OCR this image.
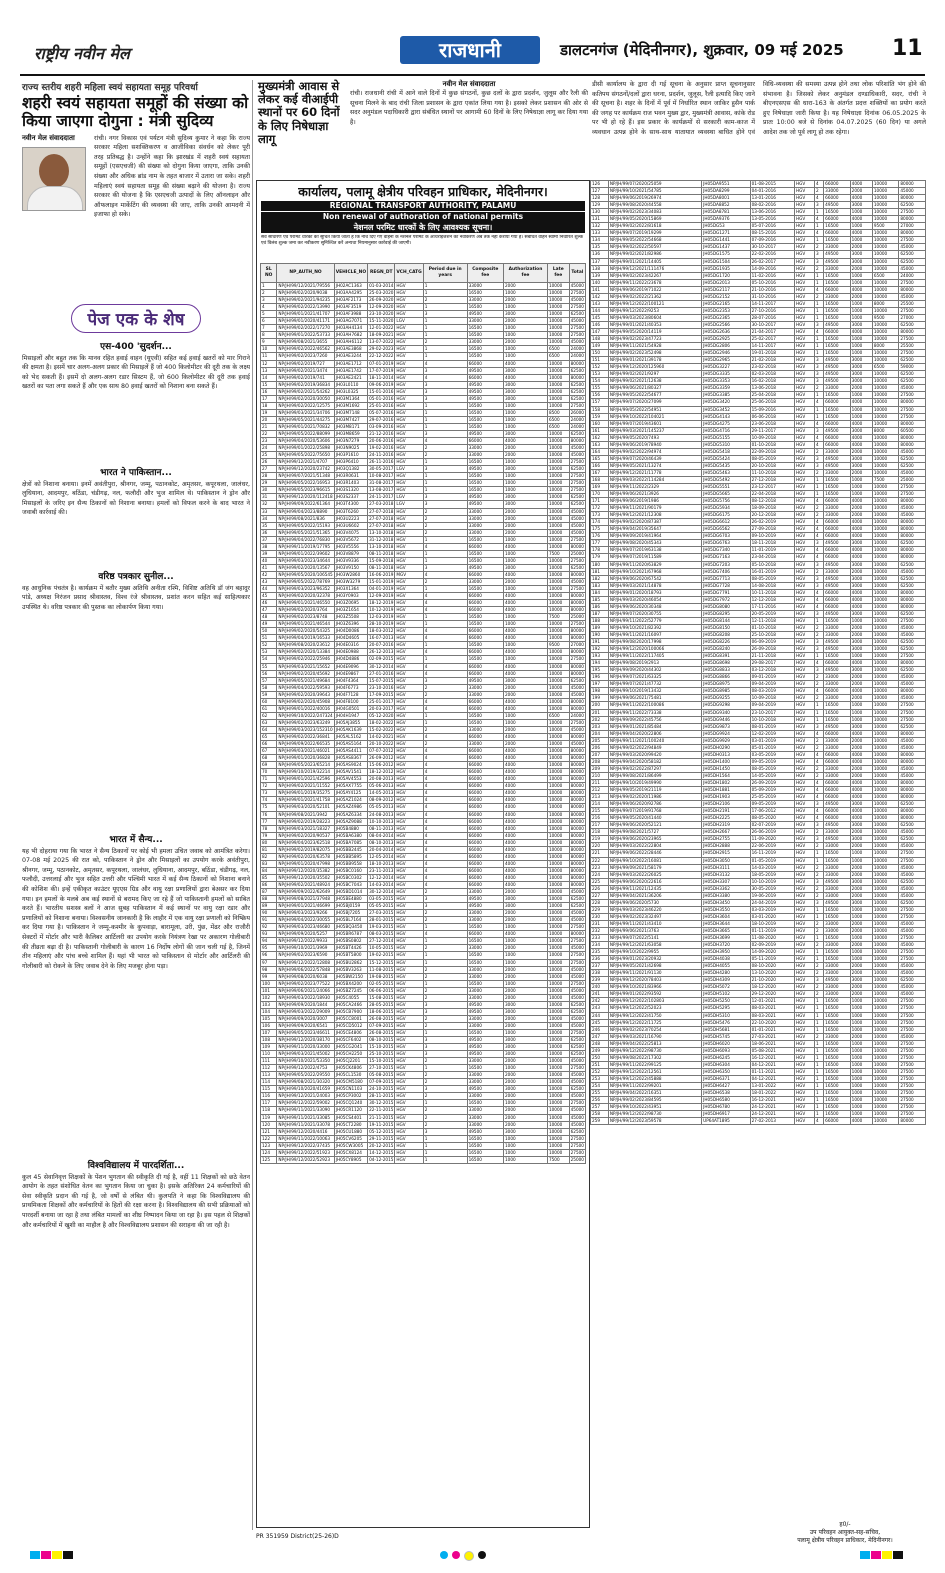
राष्ट्रीय नवीन मेल	राजधानी	डालटनगंज (मेदिनीनगर), शुक्रवार, 09 मई 2025 11
राज्य स्तरीय शहरी महिला स्वयं सहायता समूह परिवर्धा
शहरी स्वयं सहायता समूहों की संख्या को किया जाएगा दोगुना : मंत्री सुदिव्य
नवीन मेल संवाददाता	रांची। नगर विकास एवं पर्यटन मंत्री सुदिव्य कुमार ने कहा कि राज्य सरकार महिला सशक्तिकरण व आजीविका संवर्धन को लेकर पूरी तरह प्रतिबद्ध है। उन्होंने कहा कि झारखंड में शहरी स्वयं सहायता समूहों (एसएचजी) की संख्या को दोगुना किया जाएगा, ताकि उनकी संख्या और अधिक ब्रांड नाम के तहत बाजार में उतारा जा सके। शहरी महिलाएं स्वयं सहायता समूह की संख्या बढ़ाने की योजना है। राज्य सरकार की योजना है कि एसएचजी उत्पादों के लिए ऑनलाइन और ऑफलाइन मार्केटिंग की व्यवस्था की जाए, ताकि उनकी आमदनी में इजाफा हो सके।
पेज एक के शेष
एस-400 'सुदर्शन...
मिसाइलों और बहुत तक कि मानव रहित हवाई वाहन (यूएवी) सहित कई हवाई खतरों को मार गिराने की क्षमता है। इसमें चार अलग-अलग प्रकार की मिसाइलें हैं जो 400 किलोमीटर की दूरी तक के लक्ष्य को भेद सकती हैं। इसमें दो अलग-अलग रडार सिस्टम हैं, जो 600 किलोमीटर की दूरी तक हवाई खतरों का पता लगा सकते हैं और एक साथ 80 हवाई खतरों को निशाना बना सकते हैं।
भारत ने पाकिस्तान...
क्षेत्रों को निशाना बनाया। इनमें अवंतीपुरा, श्रीनगर, जम्मू, पठानकोट, अमृतसर, कपूरथला, जालंधर, लुधियाना, आदमपुर, बठिंडा, चंडीगढ़, नल, फलौदी और भुज शामिल थे। पाकिस्तान ने ड्रोन और मिसाइलों के जरिए इन सैन्य ठिकानों को निशाना बनाया। हमलों को विफल करने के बाद भारत ने जवाबी कार्रवाई की।
वरिष्ठ पत्रकार सुनील...
वह आधुनिक पंचतंत्र है। कार्यक्रम में बतौर मुख्य अतिथि अनीता रश्मि, विशिष्ट अतिथि डॉ जंग बहादुर पांडे, अध्यक्ष निरंजन प्रसाद श्रीवास्तव, विश्व रंजे श्रीवास्तव, प्रशांत करन सहित कई साहित्यकार उपस्थित थे। वरिष्ठ पत्रकार की पुस्तक का लोकार्पण किया गया।
भारत में सैन्य...
यह भी दोहराया गया कि भारत ने सैन्य ठिकानों पर कोई भी हमला उचित जवाब को आमंत्रित करेगा। 07-08 मई 2025 की रात को, पाकिस्तान ने ड्रोन और मिसाइलों का उपयोग करके अवंतीपुरा, श्रीनगर, जम्मू, पठानकोट, अमृतसर, कपूरथला, जालंधर, लुधियाना, आदमपुर, बठिंडा, चंडीगढ़, नल, फलौदी, उत्तरलाई और भुज सहित उत्तरी और पश्चिमी भारत में कई सैन्य ठिकानों को निशाना बनाने की कोशिश की। इन्हें एकीकृत काउंटर यूएएस ग्रिड और वायु रक्षा प्रणालियों द्वारा बेअसर कर दिया गया। इन हमलों के मलबे अब कई स्थानों से बरामद किए जा रहे हैं जो पाकिस्तानी हमलों को साबित करते हैं। भारतीय सशस्त्र बलों ने आज सुबह पाकिस्तान में कई स्थानों पर वायु रक्षा रडार और प्रणालियों को निशाना बनाया। विश्वसनीय जानकारी है कि लाहौर में एक वायु रक्षा प्रणाली को निष्क्रिय कर दिया गया है। पाकिस्तान ने जम्मू-कश्मीर के कुपवाड़ा, बारामूला, उरी, पुंछ, मेंढर और राजौरी सेक्टरों में मोर्टार और भारी कैलिबर आर्टिलरी का उपयोग करके नियंत्रण रेखा पर अकारण गोलीबारी की तीव्रता बढ़ा दी है। पाकिस्तानी गोलीबारी के कारण 16 निर्दोष लोगों की जान चली गई है, जिनमें तीन महिलाएं और पांच बच्चे शामिल हैं। यहां भी भारत को पाकिस्तान से मोर्टार और आर्टिलरी की गोलीबारी को रोकने के लिए जवाब देने के लिए मजबूर होना पड़ा।
विश्वविद्यालय में पारदर्शिता...
कुल 45 सेवानिवृत्त शिक्षकों के पेंशन भुगतान की स्वीकृति दी गई है, वहीं 11 शिक्षकों को छठे वेतन आयोग के तहत संशोधित वेतन का भुगतान किया जा चुका है। इसके अतिरिक्त 24 कर्मचारियों की सेवा स्वीकृति प्रदान की गई है, जो वर्षों से लंबित थी। कुलपति ने कहा कि विश्वविद्यालय की प्राथमिकता शिक्षकों और कर्मचारियों के हितों की रक्षा करना है। विश्वविद्यालय की सभी प्रक्रियाओं को पारदर्शी बनाया जा रहा है तथा लंबित मामलों का शीघ्र निष्पादन किया जा रहा है। इस पहल से शिक्षकों और कर्मचारियों में खुशी का माहौल है और विश्वविद्यालय प्रशासन की सराहना की जा रही है।
मुख्यमंत्री आवास से लेकर कई वीआईपी स्थानों पर 60 दिनों के लिए निषेधाज्ञा लागू
नवीन मेल संवाददाता
रांची। राजधानी रांची में आने वाले दिनों में कुछ संगठनों, कुछ दलों के द्वारा प्रदर्शन, जुलूस और रैली की सूचना मिलने के बाद रांची जिला प्रशासन के द्वारा एकांत लिया गया है। इसको लेकर प्रशासन की ओर से सदर अनुमंडल पदाधिकारी द्वारा संबंधित स्थानों पर आगामी 60 दिनों के लिए निषेधाज्ञा लागू कर दिया गया है।
डीसी कार्यालय के द्वारा दी गई सूचना के अनुसार प्राप्त सूचनानुसार कतिपय संगठनों/दलों द्वारा धरना, प्रदर्शन, जुलूस, रैली इत्यादि किए जाने की सूचना है। शहर के दिनों में पूर्व में निर्धारित स्थान जाकिर हुसैन पार्क की जगह पर कार्यक्रम राज भवन मुख्य द्वार, मुख्यमंत्री आवास, कांके रोड पर भी हो रहे हैं। इस प्रकार के कार्यक्रमों से सरकारी काम-काज में व्यवधान उत्पन्न होने के साथ-साथ यातायात व्यवस्था बाधित होने एवं विधि-व्यवस्था की समस्या उत्पन्न होने तथा लोक परिशांति भंग होने की संभावना है। जिसको लेकर अनुमंडल दण्डाधिकारी, सदर, रांची ने बीएनएसएस की धारा-163 के अंतर्गत प्रदत्त शक्तियों का प्रयोग करते हुए निषेधाज्ञा जारी किया है। यह निषेधाज्ञा दिनांक 06.05.2025 के प्रातः 10:00 बजे से दिनांक 04.07.2025 (60 दिन) या अगले आदेश तक जो पूर्व लागू हो तक रहेगा।
कार्यालय, पलामू क्षेत्रीय परिवहन प्राधिकार, मेदिनीनगर।
REGIONAL TRANSPORT AUTHORITY, PALAMU
Non renewal of authoration of national permits
नेशनल परमिट धारकों के लिए आवश्यक सूचना।
सर्व साधारण एवं परमिट धारकों को सूचित किया जाता है कि नीचे दिए गए वाहनों के नेशनल परमिट के ऑथराइजेशन का नवीकरण अब तक नहीं कराया गया है। संबंधित वाहन स्वामी निर्धारित शुल्क एवं विलंब शुल्क जमा कर नवीकरण सुनिश्चित करें अन्यथा नियमानुसार कार्रवाई की जाएगी।
SL NO	NP_AUTH_NO	VEHICLE_NO	REGN_DT	VCH_CATG	Period due in years	Composite fee	Authorization fee	Late fee	Total
1	NP/JH/99/12/2021/79556	JH02AC1363	01-03-2014	HGV	1	33000	2000	10000	45000
2	NP/JH/99/02/2020/9038	JH03AA4295	25-03-2020	HGV	1	16500	1000	10000	27500
3	NP/JH/99/02/2021/94235	JH03AF2173	26-09-2020	HGV	2	33000	2000	10000	45000
4	NP/JH/99/02/2022/13990	JH03AF3519	12-09-2020	HGV	1	16500	1000	10000	27500
5	NP/JH/99/01/2021/41707	JH03AF3988	23-10-2020	HGV	3	49500	3000	10000	62500
6	NP/JH/99/01/2020/41171	JH03AG7071	15-11-2020	LGV	1	33000	2000	10000	45000
7	NP/JH/99/02/2022/17270	JH03AH4134	12-01-2022	HGV	1	16500	1000	10000	27500
8	NP/JH/99/01/2022/53733	JH03AH7682	18-09-2021	HGV	1	16500	1000	10000	27500
9	NP/JH/99/08/2021/3655	JH03AH6112	13-07-2022	HGV	2	33000	2000	10000	45000
10	NP/JH/99/02/2022/46562	JH03AE3868	29-02-2023	HGV	1	16500	1000	6500	24000
11	NP/JH/99/02/2023/7260	JH03AE3244	22-12-2022	HGV	1	16500	1000	6500	24000
12	NP/JH/99/02/2019/727	JH03AE1712	07-01-2019	HGV	4	66000	4000	10000	80000
13	NP/JH/99/02/2021/3474	JH03AE1742	17-07-2019	HGV	3	49500	3000	10000	62500
14	NP/JH/99/02/2019/741	JH03AE2421	18-11-2014	HGV	4	66000	4000	10000	80000
15	NP/JH/99/02/2019/36834	JH03L0110	09-06-2019	HGV	3	49500	3000	10000	62500
16	NP/JH/99/02/2021/54262	JH03L0325	15-01-2016	HGV	3	49500	3000	10000	62500
17	NP/JH/99/02/2020/30050	JH03M1364	05-01-2016	HGV	3	49500	3000	10000	62500
18	NP/JH/99/02/2022/12575	JH03M1692	25-01-2016	HGV	1	16500	1000	10000	27500
19	NP/JH/99/03/2021/34706	JH03M7148	05-07-2016	HGV	1	16500	1000	8500	26000
20	NP/JH/99/05/2021/44275	JH03M7427	29-07-2016	HGV	1	16500	1000	6500	24000
21	NP/JH/99/01/2021/70832	JH03M8171	03-09-2016	HGV	1	16500	1000	6500	24000
22	NP/JH/99/05/2022/88099	JH03M8659	21-12-2016	HGV	3	49500	3000	10000	62500
23	NP/JH/99/04/2020/53606	JH03N7279	20-06-2016	HGV	4	66000	4000	10000	80000
24	NP/JH/99/01/2022/25898	JH03N9025	19-02-2016	HGV	2	33000	2000	10000	45000
25	NP/JH/99/05/2022/75650	JH03P1610	24-11-2016	HGV	2	33000	2000	10000	45000
26	NP/JH/99/12/2021/4707	JH03P6410	26-11-2016	HGV	1	16500	1000	10000	27500
27	NP/JH/99/12/2020/23742	JH03Q1382	30-05-2017	LGV	3	49500	3000	10000	62500
28	NP/JH/99/07/2021/51348	JH03R0631	10-08-2017	HGV	1	16500	1000	10000	27500
29	NP/JH/99/05/2022/16953	JH03R1403	31-08-2017	HGV	1	16500	1000	10000	27500
30	NP/JH/99/05/2023/96615	JH03S1320	13-08-2017	HGV	1	16500	1000	10000	27500
31	NP/JH/99/12/2020/112418	JH03S2337	24-11-2017	LGV	3	49500	3000	10000	62500
32	NP/JH/99/09/2022/61364	JH03T4300	27-03-2018	LGV	3	49500	3000	10000	62500
33	NP/JH/99/04/2023/8890	JH03T6260	27-07-2018	HGV	2	33000	2000	10000	45000
34	NP/JH/99/08/2021/836	JH03U2223	27-07-2018	HGV	2	33000	2000	10000	45000
35	NP/JH/99/05/2022/15193	JH03U6602	27-07-2018	HGV	2	33000	2000	10000	45000
36	NP/JH/99/05/2021/51365	JH03V4075	13-10-2018	HGV	2	33000	2000	10000	45000
37	NP/JH/99/04/2022/76830	JH03V5672	31-12-2018	HGV	1	16500	1000	10000	27500
38	NP/JH/99/11/2019/17795	JH03V5556	13-10-2018	HGV	4	66000	4000	10000	80000
39	NP/JH/99/01/2022/39602	JH03V8879	08-11-2018	HGV	1	16500	1000	7500	25000
40	NP/JH/99/03/2023/34644	JH03V9336	15-09-2018	HGV	1	16500	1000	10000	27500
41	NP/JH/99/02/2020/13567	JH03V9150	08-11-2018	HGV	3	49500	3000	10000	62500
42	NP/JH/99/05/2020/106545	JH03W2860	16-06-2019	MGV	4	66000	4000	10000	80000
43	NP/JH/99/05/2022/78769	JH03W3279	15-01-2019	HGV	2	33000	2000	10000	45000
44	NP/JH/99/03/2023/96352	JH03X1364	04-01-2019	HGV	1	16500	1000	10000	27500
45	NP/JH/99/02/2020/32378	JH03Y0903	12-09-2019	HGV	4	66000	4000	10000	80000
46	NP/JH/99/01/2021/46550	JH03Z0695	18-12-2019	HGV	4	66000	4000	10000	80000
47	NP/JH/99/02/2020/3764	JH03Z1654	10-12-2019	HGV	4	66000	4000	10000	80000
48	NP/JH/99/02/2023/8748	JH03Z5508	12-03-2019	HGV	1	16500	1000	7500	25000
49	NP/JH/99/01/2021/46544	JH03Z6396	28-10-2019	HGV	1	16500	1000	10000	27500
50	NP/JH/99/02/2020/54325	JH04D0086	18-03-2012	HGV	4	66000	4000	10000	80000
51	NP/JH/99/04/2019/16533	JH04D4605	16-07-2013	HGV	4	66000	4000	10000	80000
52	NP/JH/99/08/2020/23612	JH04E0316	20-07-2016	HGV	1	16500	1000	9500	27000
53	NP/JH/99/02/2020/13384	JH04E0988	26-12-2013	HGV	4	66000	4000	10000	80000
54	NP/JH/99/02/2022/25946	JH04D4886	02-09-2015	HGV	1	16500	1000	10000	27500
55	NP/JH/99/03/2021/15652	JH04E9096	30-12-2014	HGV	4	66000	4000	10000	80000
56	NP/JH/99/02/2020/45692	JH04E9867	27-01-2016	HGV	4	66000	4000	10000	80000
57	NP/JH/99/05/2021/49684	JH04F4364	15-07-2015	HGV	3	49500	3000	10000	62500
58	NP/JH/99/04/2022/59593	JH04F6773	23-10-2016	HGV	2	33000	2000	10000	45000
59	NP/JH/99/02/2020/39643	JH04F7128	17-09-2015	HGV	2	33000	2000	10000	45000
60	NP/JH/99/02/2020/45908	JH04F8100	25-01-2017	HGV	4	66000	4000	10000	80000
61	NP/JH/99/01/2022/40016	JH04G0501	20-03-2017	HGV	4	66000	4000	10000	80000
62	NP/JH/99/10/2022/247324	JH04H1947	05-12-2020	HGV	1	16500	1000	6500	24000
63	NP/JH/99/02/2023/63249	JH05AJ3855	18-02-2022	HGV	1	16500	1000	10000	27500
64	NP/JH/99/03/2023/152310	JH05AK1639	15-02-2022	HGV	2	33000	2000	10000	45000
65	NP/JH/99/02/2022/36841	JH05AL5162	14-02-2021	HGV	4	66000	4000	10000	80000
66	NP/JH/99/09/2022/66535	JH05AS5164	20-10-2022	HGV	2	33000	2000	10000	45000
67	NP/JH/99/03/2021/46021	JH05AS4411	07-07-2012	HGV	4	66000	4000	10000	80000
68	NP/JH/99/01/2020/36828	JH05AS8367	26-09-2012	HGV	4	66000	4000	10000	80000
69	NP/JH/99/05/2023/65214	JH05AS9024	15-06-2012	HGV	4	66000	4000	10000	80000
70	NP/JH/99/10/2019/32214	JH05AV1541	18-12-2012	HGV	4	66000	4000	10000	80000
71	NP/JH/99/01/2021/42596	JH05AV4553	20-08-2013	HGV	4	66000	4000	10000	80000
72	NP/JH/99/02/2021/11552	JH05AX7755	05-06-2013	HGV	4	66000	4000	10000	80000
73	NP/JH/99/01/2019/35275	JH05AY4125	14-05-2013	HGV	4	66000	4000	10000	80000
74	NP/JH/99/01/2021/41758	JH05AZ1024	08-09-2012	HGV	4	66000	4000	10000	80000
75	NP/JH/99/03/2020/52101	JH05AZ4986	05-05-2013	HGV	4	66000	4000	10000	80000
76	NP/JH/99/08/2021/3942	JH05AZ6334	24-08-2013	HGV	4	66000	4000	10000	80000
77	NP/JH/99/02/2019/28223	JH05AZ9088	10-10-2013	HGV	4	66000	4000	10000	80000
78	NP/JH/99/03/2021/18327	JH05B4880	08-11-2013	HGV	4	66000	4000	10000	80000
79	NP/JH/99/02/2020/90537	JH05BA6380	08-04-2014	HGV	4	66000	4000	10000	80000
80	NP/JH/99/04/2023/62518	JH05BA7085	08-10-2013	HGV	4	66000	4000	10000	80000
81	NP/JH/99/02/2019/82075	JH05BB2445	20-04-2014	HGV	4	66000	4000	10000	80000
82	NP/JH/99/02/2020/63578	JH05BB5895	12-05-2014	HGV	4	66000	4000	10000	80000
83	NP/JH/99/01/2020/47998	JH05BB9558	18-10-2013	HGV	4	66000	4000	10000	80000
84	NP/JH/99/12/2020/35382	JH05BC0160	23-11-2013	HGV	4	66000	4000	10000	80000
85	NP/JH/99/12/2020/35502	JH05BC0302	12-12-2014	HGV	4	66000	4000	10000	80000
86	NP/JH/99/02/2021/48924	JH05BC7043	14-03-2014	HGV	4	66000	4000	10000	80000
87	NP/JH/99/09/2022/62649	JH05BD1014	30-12-2014	HGV	2	33000	2000	10000	45000
88	NP/JH/99/08/2021/37948	JH05BE4880	03-05-2015	HGV	3	49500	3000	10000	62500
89	NP/JH/99/01/2021/46699	JH05BJ0159	05-05-2015	HGV	3	49500	3000	10000	62500
90	NP/JH/99/03/2023/9266	JH05BJ7205	27-03-2015	HGV	2	33000	2000	10000	45000
91	NP/JH/99/04/2022/30055	JH05BL7164	28-01-2015	HGV	2	33000	2000	10000	45000
92	NP/JH/99/03/2023/46680	JH05BQ3450	19-03-2015	HGV	1	16500	1000	10000	27500
93	NP/JH/99/09/2020/5257	JH05BR6787	08-03-2015	HGV	4	66000	4000	10000	80000
94	NP/JH/99/12/2022/9933	JH05BS0802	27-12-2014	HGV	1	16500	1000	10000	27500
95	NP/JH/99/10/2021/3969	JH05BT4426	10-05-2015	HGV	2	33000	2000	10000	45000
96	NP/JH/99/02/2023/6590	JH05BT5800	19-02-2015	HGV	1	16500	1000	10000	27500
97	NP/JH/99/12/2022/12808	JH05BU2862	15-12-2015	HGV	1	16500	1000	10000	27500
98	NP/JH/99/06/2022/57848	JH05BV3263	11-08-2015	HGV	2	33000	2000	10000	45000
99	NP/JH/99/08/2020/6038	JH05BW2150	19-08-2015	HGV	2	33000	2000	10000	45000
100	NP/JH/99/02/2023/77522	JH05BX4200	02-05-2015	HGV	1	16500	1000	10000	27500
101	NP/JH/99/06/2021/24066	JH05BZ7245	06-06-2015	HGV	2	33000	2000	10000	45000
102	NP/JH/99/03/2022/18930	JH05C4055	15-08-2015	HGV	2	33000	2000	10000	45000
103	NP/JH/99/09/2020/1844	JH05CA2466	28-05-2015	HGV	3	49500	3000	10000	62500
104	NP/JH/99/03/2022/29009	JH05CB7900	18-06-2015	HGV	3	49500	3000	10000	62500
105	NP/JH/99/09/2020/3007	JH05CC8001	26-08-2015	HGV	2	33000	2000	10000	45000
106	NP/JH/99/09/2020/6541	JH05CD5012	07-09-2015	HGV	2	33000	2000	10000	45000
107	NP/JH/99/05/2023/46611	JH05CE4806	26-08-2015	HGV	1	16500	1000	10000	27500
108	NP/JH/99/12/2020/38170	JH05CF6402	08-10-2015	HGV	3	49500	3000	10000	62500
109	NP/JH/99/11/2020/33000	JH05CG2041	15-10-2015	HGV	3	49500	3000	10000	62500
110	NP/JH/99/03/2021/45002	JH05CH2250	25-10-2015	HGV	3	49500	3000	10000	62500
111	NP/JH/99/10/2021/53350	JH05CJ2201	15-10-2015	HGV	2	33000	2000	10000	45000
112	NP/JH/99/12/2022/4753	JH05CK4806	27-10-2015	HGV	1	16500	1000	10000	27500
113	NP/JH/99/05/2022/29550	JH05CL1530	05-08-2015	HGV	2	33000	2000	10000	45000
114	NP/JH/99/08/2021/30320	JH05CM5180	07-09-2015	HGV	2	33000	2000	10000	45000
115	NP/JH/99/10/2020/41659	JH05CN1103	24-10-2015	HGV	3	49500	3000	10000	62500
116	NP/JH/99/12/2021/24003	JH05CP3002	28-11-2015	HGV	2	33000	2000	10000	45000
117	NP/JH/99/12/2022/59002	JH05CQ1240	30-12-2015	HGV	1	16500	1000	10000	27500
118	NP/JH/99/11/2021/33090	JH05CR1120	22-11-2015	HGV	2	33000	2000	10000	45000
119	NP/JH/99/11/2021/33085	JH05CS4401	21-11-2015	HGV	2	33000	2000	10000	45000
120	NP/JH/99/11/2021/33078	JH05CT2280	19-11-2015	HGV	2	33000	2000	10000	45000
121	NP/JH/99/12/2020/4416	JH05CU1880	05-12-2015	HGV	3	49500	3000	10000	62500
122	NP/JH/99/11/2022/10063	JH05CV6205	29-11-2015	HGV	1	16500	1000	10000	27500
123	NP/JH/99/12/2022/37435	JH05CW3005	20-12-2015	HGV	1	16500	1000	10000	27500
124	NP/JH/99/12/2022/51923	JH05CX8124	14-12-2015	HGV	1	16500	1000	10000	27500
125	NP/JH/99/12/2022/52923	JH05CY8905	04-12-2015	HGV	1	16500	1000	7500	25000
PR 351959 District(25-26)D
126	NP/JH/99/07/2020/25059	JH05DA9551	01-08-2015	HGV	4	66000	4000	10000	80000
127	NP/JH/99/10/2021/54785	JH05DA8299	04-01-2016	HGV	2	33000	2000	10000	45000
128	NP/JH/99/06/2019/26974	JH05DA8001	13-01-2016	HGV	4	66000	4000	10000	80000
129	NP/JH/99/08/2020/44558	JH05DA8852	08-02-2016	HGV	3	49500	3000	10000	62500
130	NP/JH/99/02/2023/34083	JH05DA8781	13-06-2016	HGV	1	16500	1000	10000	27500
131	NP/JH/99/05/2020/15869	JH05DA9376	13-05-2016	HGV	4	66000	4000	10000	80000
132	NP/JH/99/02/2022/81618	JH05DG53	05-07-2016	HGV	1	16500	1000	9500	27000
133	NP/JH/99/07/2019/19299	JH05DG1271	08-15-2016	HGV	4	66000	4000	10000	80000
134	NP/JH/99/05/2022/54668	JH05DG1441	07-09-2016	HGV	1	16500	1000	10000	27500
135	NP/JH/99/02/2022/50597	JH05DG1437	30-10-2017	HGV	2	33000	2000	10000	45000
136	NP/JH/99/02/2021/82986	JH05DG1575	22-02-2016	HGV	3	49500	3000	10000	62500
137	NP/JH/99/01/2021/14405	JH05DG1504	26-02-2017	HGV	3	49500	3000	10000	62500
138	NP/JH/99/12/2021/111476	JH05DG1935	14-09-2016	HGV	2	33000	2000	10000	45000
139	NP/JH/99/02/2023/42267	JH05DG1720	11-02-2016	HGV	1	16500	1000	6500	24000
140	NP/JH/99/11/2022/23678	JH05DG2013	05-10-2016	HGV	1	16500	1000	10000	27500
141	NP/JH/99/06/2019/71022	JH05DG2117	21-10-2016	HGV	4	66000	4000	10000	80000
142	NP/JH/99/02/2022/21362	JH05DG2152	31-10-2016	HGV	2	33000	2000	10000	45000
143	NP/JH/99/12/2022/100121	JH05DG2165	14-11-2017	HGV	1	16500	1000	8000	25500
144	NP/JH/99/12/2022/9253	JH05DG2353	27-10-2016	HGV	1	16500	1000	10000	27500
145	NP/JH/99/03/2023/80604	JH05DG2365	28-07-2016	HGV	1	16500	1000	9500	27000
146	NP/JH/99/01/2021/40353	JH05DG2566	30-10-2017	HGV	3	49500	3000	10000	62500
147	NP/JH/99/05/2020/14119	JH05DG2636	21-04-2017	HGV	4	66000	4000	10000	80000
148	NP/JH/99/02/2023/47723	JH05DG2925	25-02-2017	HGV	1	16500	1000	10000	27500
149	NP/JH/99/11/2021/54928	JH05DG2806	14-11-2017	HGV	1	16500	1000	8000	25500
150	NP/JH/99/02/2023/52498	JH05DG2946	19-01-2018	HGV	1	16500	1000	10000	27500
151	NP/JH/99/01/2021/39178	JH05DG2965	21-02-2018	HGV	3	49500	3000	10000	62500
152	NP/JH/99/12/2020/125960	JH05DG3227	23-02-2018	HGV	3	49500	3000	6500	59000
153	NP/JH/99/02/2021/9297	JH05DG3335	02-03-2018	HGV	3	49500	3000	10000	62500
154	NP/JH/99/02/2021/12638	JH05DG3353	16-02-2018	HGV	3	49500	3000	10000	62500
155	NP/JH/99/06/2021/80327	JH05DG3359	13-06-2018	HGV	2	33000	2000	10000	45000
156	NP/JH/99/05/2022/54677	JH05DG3385	25-04-2018	HGV	1	16500	1000	10000	27500
157	NP/JH/99/07/2020/27099	JH05DG3420	25-06-2018	HGV	4	66000	4000	10000	80000
158	NP/JH/99/05/2022/54951	JH05DG3452	15-09-2016	HGV	1	16500	1000	10000	27500
159	NP/JH/99/10/2022/104021	JH05DG4143	06-06-2018	HGV	1	16500	1000	10000	27500
160	NP/JH/99/07/2019/43601	JH05DG4275	23-06-2018	HGV	4	66000	4000	10000	80000
161	NP/JH/99/03/2021/145237	JH05DG4716	29-11-2017	HGV	3	49500	3000	8000	60500
162	NP/JH/99/05/2020/7493	JH05DG5155	10-09-2018	HGV	4	66000	4000	10000	80000
163	NP/JH/99/06/2019/78940	JH05DG5310	01-10-2018	HGV	4	66000	4000	10000	80000
164	NP/JH/99/02/2022/94974	JH05DG5418	22-09-2018	HGV	2	33000	2000	10000	45000
165	NP/JH/99/07/2020/46439	JH05DG5424	08-05-2019	HGV	3	49500	3000	10000	62500
166	NP/JH/99/05/2021/13274	JH05DG5435	20-10-2018	HGV	3	49500	3000	10000	62500
167	NP/JH/99/12/2021/11778	JH05DG5463	11-10-2018	HGV	2	33000	2000	10000	45000
168	NP/JH/99/03/2022/114284	JH05DG5492	27-12-2018	HGV	1	16500	1000	7500	25000
169	NP/JH/99/11/2022/2329	JH05DG5551	23-12-2017	HGV	1	16500	1000	10000	27500
170	NP/JH/99/06/2021/3926	JH05DG5665	22-04-2018	HGV	1	16500	1000	10000	27500
171	NP/JH/99/06/2019/1986	JH05DG5756	08-12-2018	HGV	4	66000	4000	10000	80000
172	NP/JH/99/11/2021/90179	JH05DG5934	18-09-2018	HGV	2	33000	2000	10000	45000
173	NP/JH/99/12/2021/12308	JH05DG6175	20-12-2018	HGV	2	33000	2000	10000	45000
174	NP/JH/99/02/2020/87387	JH05DG6612	26-02-2019	HGV	4	66000	4000	10000	80000
175	NP/JH/99/04/2019/35647	JH05DG6562	27-09-2018	HGV	4	66000	4000	10000	80000
176	NP/JH/99/09/2019/41964	JH05DG6703	09-10-2019	HGV	4	66000	4000	10000	80000
177	NP/JH/99/08/2020/45343	JH05DG6763	18-11-2018	HGV	3	49500	3000	10000	62500
178	NP/JH/99/07/2019/63138	JH05DG7340	11-01-2019	HGV	4	66000	4000	10000	80000
179	NP/JH/99/07/2019/11589	JH05DG7163	23-04-2018	HGV	4	66000	4000	10000	80000
180	NP/JH/99/11/2020/63829	JH05DG7203	05-10-2018	HGV	3	49500	3000	10000	62500
181	NP/JH/99/10/2021/67968	JH05DG7406	16-01-2019	HGV	2	33000	2000	10000	45000
182	NP/JH/99/06/2020/67542	JH05DG7713	08-05-2019	HGV	3	49500	3000	10000	62500
183	NP/JH/99/03/2021/14878	JH05DG7728	14-08-2018	HGV	3	49500	3000	10000	62500
184	NP/JH/99/01/2020/18793	JH05DG7791	10-11-2018	HGV	4	66000	4000	10000	80000
185	NP/JH/99/03/2020/46054	JH05DG7972	12-12-2018	HGV	4	66000	4000	10000	80000
186	NP/JH/99/06/2020/30348	JH05DG8080	17-11-2016	HGV	4	66000	4000	10000	80000
187	NP/JH/99/07/2020/30755	JH05DG8295	20-05-2019	HGV	3	49500	3000	10000	62500
188	NP/JH/99/11/2022/52779	JH05DG8144	12-11-2018	HGV	1	16500	1000	10000	27500
189	NP/JH/99/10/2021/82392	JH05DG8150	01-10-2018	HGV	2	33000	2000	10000	45000
190	NP/JH/99/11/2021/16097	JH05DG8208	25-10-2018	HGV	2	33000	2000	10000	45000
191	NP/JH/99/08/2020/17998	JH05DG8226	06-09-2019	HGV	3	49500	3000	10000	62500
192	NP/JH/99/12/2020/100066	JH05DG8240	26-09-2018	HGV	3	49500	3000	10000	62500
193	NP/JH/99/11/2022/117405	JH05DG8391	21-11-2018	HGV	1	16500	1000	10000	27500
194	NP/JH/99/08/2019/2913	JH05DG8698	29-08-2017	HGV	4	66000	4000	10000	80000
195	NP/JH/99/09/2020/44302	JH05DG8833	03-12-2018	HGV	3	49500	3000	10000	62500
196	NP/JH/99/07/2021/63325	JH05DG8866	09-01-2019	HGV	2	33000	2000	10000	45000
197	NP/JH/99/07/2021/47732	JH05DG8975	09-04-2019	HGV	2	33000	2000	10000	45000
198	NP/JH/99/10/2019/13432	JH05DG8985	08-03-2019	HGV	4	66000	4000	10000	80000
199	NP/JH/99/06/2021/75481	JH05DG9255	10-09-2018	HGV	2	33000	2000	10000	45000
200	NP/JH/99/11/2022/100086	JH05DG9298	09-04-2019	HGV	1	16500	1000	10000	27500
201	NP/JH/99/11/2022/73338	JH05DG9340	23-10-2017	HGV	1	16500	1000	10000	27500
202	NP/JH/99/09/2022/45756	JH05DG9446	10-10-2018	HGV	1	16500	1000	10000	27500
203	NP/JH/99/01/2021/85484	JH05DG9873	08-01-2019	HGV	3	49500	3000	10000	62500
204	NP/JH/99/04/2020/22806	JH05DG9924	12-02-2019	HGV	4	66000	4000	10000	80000
205	NP/JH/99/11/2021/100240	JH05DG9929	03-01-2019	HGV	2	33000	2000	10000	45000
206	NP/JH/99/02/2022/94849	JH05DH0290	05-01-2019	HGV	2	33000	2000	10000	45000
207	NP/JH/99/03/2020/99420	JH05DH0313	03-05-2019	HGV	4	66000	4000	10000	80000
208	NP/JH/99/04/2020/58182	JH05DH1400	09-05-2019	HGV	4	66000	4000	10000	80000
209	NP/JH/99/02/2022/87297	JH05DH1450	08-05-2019	HGV	2	33000	2000	10000	45000
210	NP/JH/99/08/2021/86499	JH05DH1564	14-05-2019	HGV	2	33000	2000	10000	45000
211	NP/JH/99/10/2019/49990	JH05DH1802	26-09-2019	HGV	4	66000	4000	10000	80000
212	NP/JH/99/05/2019/21119	JH05DH1881	05-09-2019	HGV	4	66000	4000	10000	80000
213	NP/JH/99/02/2020/11986	JH05DH1903	25-05-2019	HGV	4	66000	4000	10000	80000
214	NP/JH/99/06/2020/92786	JH05DH2106	09-05-2019	HGV	3	49500	3000	10000	62500
215	NP/JH/99/07/2019/91768	JH05DH2191	17-06-2012	HGV	4	66000	4000	10000	80000
216	NP/JH/99/05/2020/41440	JH05DH2225	08-05-2020	HGV	4	66000	4000	10000	80000
217	NP/JH/99/06/2020/52121	JH05DH2319	02-07-2019	HGV	3	49500	3000	10000	62500
218	NP/JH/99/08/2021/5727	JH05DH2667	26-06-2019	HGV	2	33000	2000	10000	45000
219	NP/JH/99/06/2020/23965	JH05DH2755	11-09-2020	HGV	3	49500	3000	10000	62500
220	NP/JH/99/03/2022/22804	JH05DH2888	22-06-2019	HGV	2	33000	2000	10000	45000
221	NP/JH/99/06/2022/28446	JH05DH2915	16-11-2019	HGV	1	16500	1000	10000	27500
222	NP/JH/99/10/2022/16081	JH05DH3050	01-05-2019	HGV	1	16500	1000	10000	27500
223	NP/JH/99/09/2021/58179	JH05DH3111	14-03-2019	HGV	2	33000	2000	10000	45000
224	NP/JH/99/03/2022/26025	JH05DH3132	18-05-2019	HGV	2	33000	2000	10000	45000
225	NP/JH/99/06/2020/22616	JH05DH3307	10-10-2019	HGV	3	49500	3000	10000	62500
226	NP/JH/99/11/2021/12435	JH05DH3362	30-05-2019	HGV	2	33000	2000	10000	45000
227	NP/JH/99/04/2021/36206	JH05DH3380	19-06-2019	HGV	2	33000	2000	10000	45000
228	NP/JH/99/06/2020/5730	JH05DH3450	24-04-2019	HGV	3	49500	3000	10000	62500
229	NP/JH/99/03/2023/46220	JH05DH3550	03-03-2019	HGV	1	16500	1000	10000	27500
230	NP/JH/99/02/2023/32497	JH05DH3604	03-01-2020	HGV	1	16500	1000	10000	27500
231	NP/JH/99/11/2021/43410	JH05DH3644	18-10-2019	HGV	2	33000	2000	10000	45000
232	NP/JH/99/06/2021/3763	JH05DH3665	01-11-2019	HGV	2	33000	2000	10000	45000
233	NP/JH/99/07/2022/5141	JH05DH3699	11-08-2020	HGV	1	16500	1000	10000	27500
234	NP/JH/99/12/2021/63058	JH05DH3720	02-09-2019	HGV	2	33000	2000	10000	45000
235	NP/JH/99/10/2022/9955	JH05DH3950	14-09-2020	HGV	1	16500	1000	10000	27500
236	NP/JH/99/01/2023/20932	JH05DH4038	05-11-2019	HGV	1	16500	1000	10000	27500
237	NP/JH/99/05/2021/42698	JH05DH4055	08-10-2020	HGV	2	33000	2000	10000	45000
238	NP/JH/99/11/2021/91130	JH05DH4280	13-10-2020	HGV	2	33000	2000	10000	45000
239	NP/JH/99/12/2020/78403	JH05DH4309	21-10-2020	HGV	3	49500	3000	10000	62500
240	NP/JH/99/10/2021/83966	JH05DH5072	18-12-2020	HGV	2	33000	2000	10000	45000
241	NP/JH/99/01/2022/93592	JH05DH5102	29-12-2020	HGV	2	33000	2000	10000	45000
242	NP/JH/99/12/2022/102803	JH05DH5250	12-01-2021	HGV	1	16500	1000	10000	27500
243	NP/JH/99/12/2022/52023	JH05DH5295	08-03-2021	HGV	1	16500	1000	10000	27500
244	NP/JH/99/12/2022/41750	JH05DH5310	08-03-2021	HGV	1	16500	1000	10000	27500
245	NP/JH/99/12/2022/11725	JH05DH5476	22-10-2020	HGV	1	16500	1000	10000	27500
246	NP/JH/99/02/2023/70254	JH05DH5681	01-01-2021	HGV	1	16500	1000	10000	27500
247	NP/JH/99/03/2021/16790	JH05DH5745	27-03-2021	HGV	2	33000	2000	10000	45000
248	NP/JH/99/04/2022/25813	JH05DH6020	18-06-2021	HGV	1	16500	1000	10000	27500
249	NP/JH/99/12/2022/98730	JH05DH6093	05-08-2021	HGV	1	16500	1000	10000	27500
250	NP/JH/99/08/2022/17302	JH05DH6245	16-12-2021	HGV	1	16500	1000	10000	27500
251	NP/JH/99/11/2022/99125	JH05DH6304	04-12-2021	HGV	1	16500	1000	10000	27500
252	NP/JH/99/12/2022/12561	JH05DH6350	01-11-2021	HGV	1	16500	1000	10000	27500
253	NP/JH/99/12/2022/45888	JH05DH6371	04-12-2021	HGV	1	16500	1000	10000	27500
254	NP/JH/99/11/2022/99201	JH05DH6427	13-01-2022	HGV	1	16500	1000	10000	27500
255	NP/JH/99/04/2022/16351	JH05DH6538	18-01-2022	HGV	1	16500	1000	10000	27500
256	NP/JH/99/02/2023/84595	JH05DH6580	16-12-2021	HGV	1	16500	1000	10000	27500
257	NP/JH/99/10/2022/43951	JH05DH6780	24-12-2021	HGV	1	16500	1000	10000	27500
258	NP/JH/99/12/2022/98730	JH05DH6917	24-12-2021	HGV	1	16500	1000	10000	27500
259	NP/JH/99/12/2023/59578	UP64AT1895	27-02-2013	HGV	4	66000	4000	10000	80000
ह0/-
उप परिवहन आयुक्त-सह-सचिव,
पलामू क्षेत्रीय परिवहन प्राधिकार, मेदिनीनगर।
